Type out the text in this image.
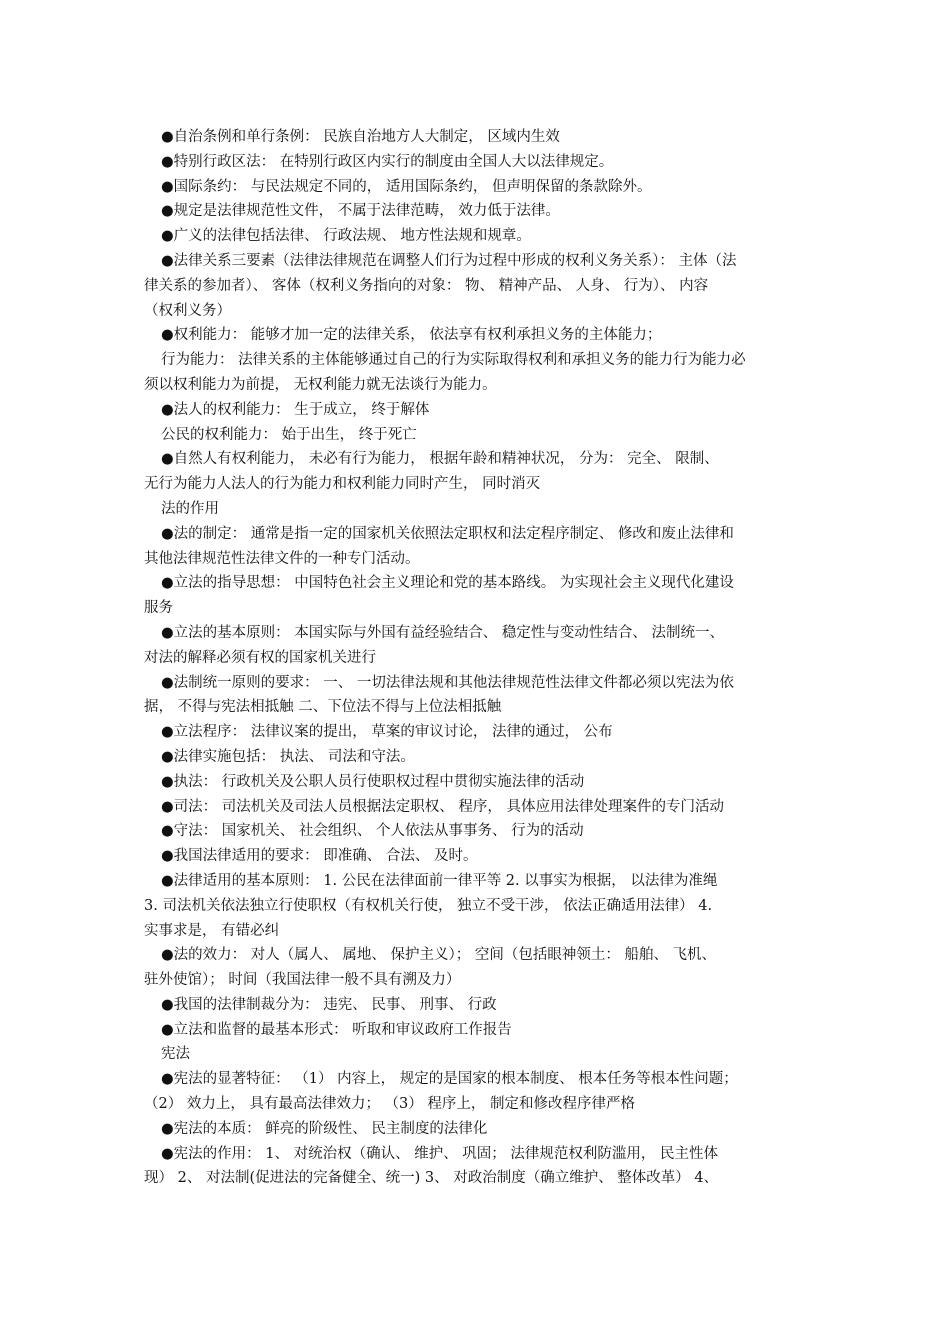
●自治条例和单行条例： 民族自治地方人大制定， 区域内生效
●特别行政区法： 在特别行政区内实行的制度由全国人大以法律规定。
●国际条约： 与民法规定不同的， 适用国际条约， 但声明保留的条款除外。
●规定是法律规范性文件， 不属于法律范畴， 效力低于法律。
●广义的法律包括法律、 行政法规、 地方性法规和规章。
●法律关系三要素（法律法律规范在调整人们行为过程中形成的权利义务关系）： 主体（法
律关系的参加者）、 客体（权利义务指向的对象： 物、 精神产品、 人身、 行为）、 内容
（权利义务）
●权利能力： 能够才加一定的法律关系， 依法享有权利承担义务的主体能力；
行为能力： 法律关系的主体能够通过自己的行为实际取得权利和承担义务的能力行为能力必
须以权利能力为前提， 无权利能力就无法谈行为能力。
●法人的权利能力： 生于成立， 终于解体
公民的权利能力： 始于出生， 终于死亡
●自然人有权利能力， 未必有行为能力， 根据年龄和精神状况， 分为： 完全、 限制、
无行为能力人法人的行为能力和权利能力同时产生， 同时消灭
法的作用
●法的制定： 通常是指一定的国家机关依照法定职权和法定程序制定、 修改和废止法律和
其他法律规范性法律文件的一种专门活动。
●立法的指导思想： 中国特色社会主义理论和党的基本路线。 为实现社会主义现代化建设
服务
●立法的基本原则： 本国实际与外国有益经验结合、 稳定性与变动性结合、 法制统一、
对法的解释必须有权的国家机关进行
●法制统一原则的要求： 一、 一切法律法规和其他法律规范性法律文件都必须以宪法为依
据， 不得与宪法相抵触 二、下位法不得与上位法相抵触
●立法程序： 法律议案的提出， 草案的审议讨论， 法律的通过， 公布
●法律实施包括： 执法、 司法和守法。
●执法： 行政机关及公职人员行使职权过程中贯彻实施法律的活动
●司法： 司法机关及司法人员根据法定职权、 程序， 具体应用法律处理案件的专门活动
●守法： 国家机关、 社会组织、 个人依法从事事务、 行为的活动
●我国法律适用的要求： 即准确、 合法、 及时。
●法律适用的基本原则： 1. 公民在法律面前一律平等 2. 以事实为根据， 以法律为准绳
3. 司法机关依法独立行使职权（有权机关行使， 独立不受干涉， 依法正确适用法律） 4.
实事求是， 有错必纠
●法的效力： 对人（属人、 属地、 保护主义）； 空间（包括眼神领土： 船舶、 飞机、
驻外使馆）； 时间（我国法律一般不具有溯及力）
●我国的法律制裁分为： 违宪、 民事、 刑事、 行政
●立法和监督的最基本形式： 听取和审议政府工作报告
宪法
●宪法的显著特征： （1） 内容上， 规定的是国家的根本制度、 根本任务等根本性问题；
（2） 效力上， 具有最高法律效力； （3） 程序上， 制定和修改程序律严格
●宪法的本质： 鲜亮的阶级性、 民主制度的法律化
●宪法的作用： 1、 对统治权（确认、 维护、 巩固； 法律规范权利防滥用， 民主性体
现） 2、 对法制(促进法的完备健全、统一) 3、 对政治制度（确立维护、 整体改革） 4、
